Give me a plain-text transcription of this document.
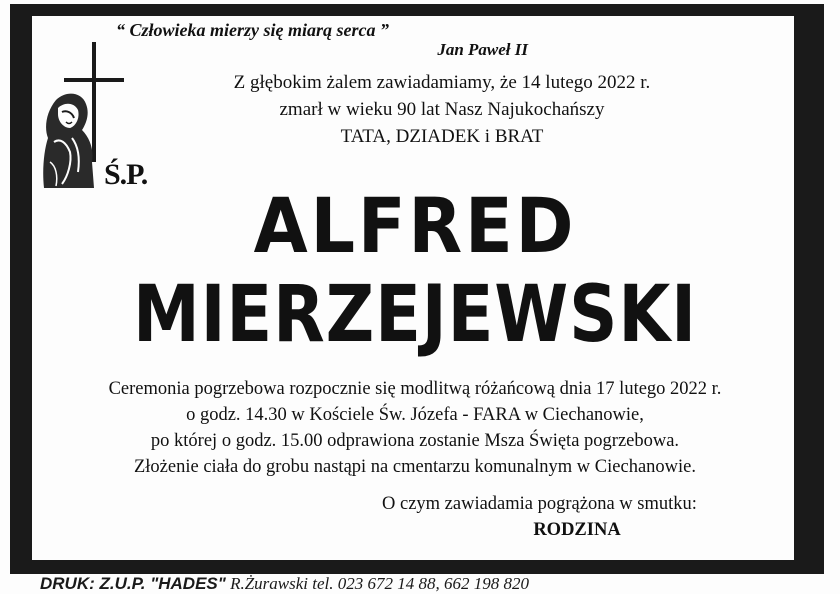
“ Człowieka mierzy się miarą serca ”
Jan Paweł II
Ś.P.
Z głębokim żalem zawiadamiamy, że 14 lutego 2022 r.
zmarł w wieku 90 lat Nasz Najukochańszy
TATA, DZIADEK i BRAT
ALFRED
MIERZEJEWSKI
Ceremonia pogrzebowa rozpocznie się modlitwą różańcową dnia 17 lutego 2022 r.
o godz. 14.30 w Kościele Św. Józefa - FARA w Ciechanowie,
po której o godz. 15.00 odprawiona zostanie Msza Święta pogrzebowa.
Złożenie ciała do grobu nastąpi na cmentarzu komunalnym w Ciechanowie.
O czym zawiadamia pogrążona w smutku:
RODZINA
DRUK: Z.U.P. "HADES" R.Żurawski tel. 023 672 14 88, 662 198 820
